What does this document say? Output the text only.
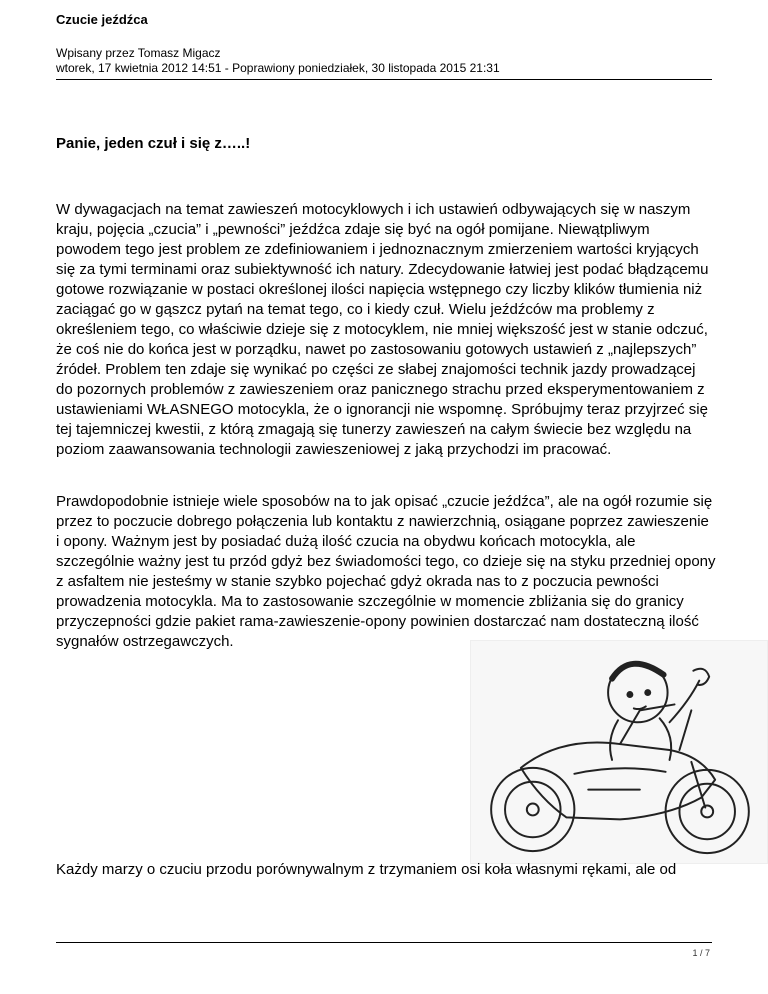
Czucie jeźdźca
Wpisany przez Tomasz Migacz
wtorek, 17 kwietnia 2012 14:51 - Poprawiony poniedziałek, 30 listopada 2015 21:31
Panie, jeden czuł i się z…..!

W dywagacjach na temat zawieszeń motocyklowych i ich ustawień odbywających się w naszym kraju, pojęcia „czucia” i „pewności” jeźdźca zdaje się być na ogół pomijane. Niewątpliwym powodem tego jest problem ze zdefiniowaniem i jednoznacznym zmierzeniem wartości kryjących się za tymi terminami oraz subiektywność ich natury. Zdecydowanie łatwiej jest podać błądzącemu gotowe rozwiązanie w postaci określonej ilości napięcia wstępnego czy liczby klików tłumienia niż zaciągać go w gąszcz pytań na temat tego, co i kiedy czuł. Wielu jeźdźców ma problemy z określeniem tego, co właściwie dzieje się z motocyklem, nie mniej większość jest w stanie odczuć, że coś nie do końca jest w porządku, nawet po zastosowaniu gotowych ustawień z „najlepszych” źródeł. Problem ten zdaje się wynikać po części ze słabej znajomości technik jazdy prowadzącej do pozornych problemów z zawieszeniem oraz panicznego strachu przed eksperymentowaniem z ustawieniami WŁASNEGO motocykla, że o ignorancji nie wspomnę. Spróbujmy teraz przyjrzeć się tej tajemniczej kwestii, z którą zmagają się tunerzy zawieszeń na całym świecie bez względu na poziom zaawansowania technologii zawieszeniowej z jaką przychodzi im pracować.

Prawdopodobnie istnieje wiele sposobów na to jak opisać „czucie jeźdźca”, ale na ogół rozumie się przez to poczucie dobrego połączenia lub kontaktu z nawierzchnią, osiągane poprzez zawieszenie i opony. Ważnym jest by posiadać dużą ilość czucia na obydwu końcach motocykla, ale szczególnie ważny jest tu przód gdyż bez świadomości tego, co dzieje się na styku przedniej opony z asfaltem nie jesteśmy w stanie szybko pojechać gdyż okrada nas to z poczucia pewności prowadzenia motocykla. Ma to zastosowanie szczególnie w momencie zbliżania się do granicy przyczepności gdzie pakiet rama-zawieszenie-opony powinien dostarczać nam dostateczną ilość sygnałów ostrzegawczych.

Każdy marzy o czuciu przodu porównywalnym z trzymaniem osi koła własnymi rękami, ale od

1 / 7
